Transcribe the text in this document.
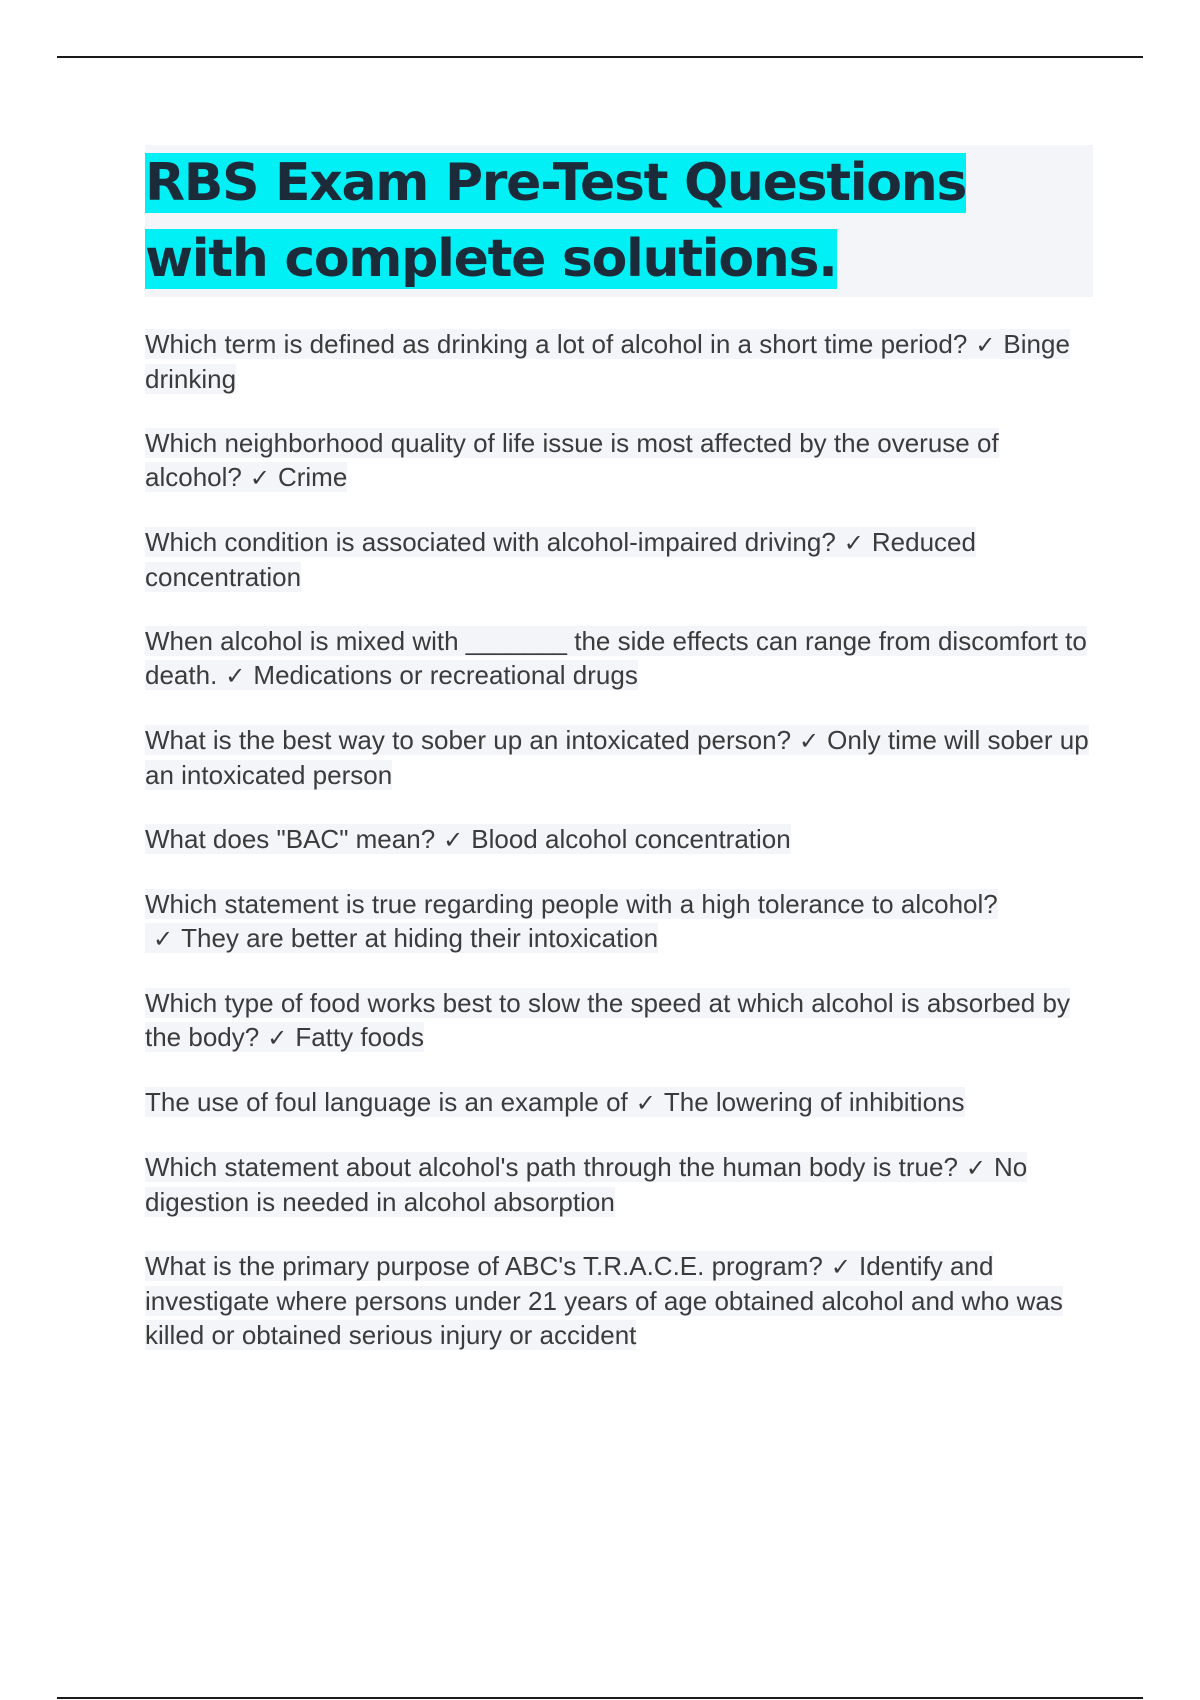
RBS Exam Pre-Test Questions with complete solutions.

Which term is defined as drinking a lot of alcohol in a short time period? ✓ Binge drinking

Which neighborhood quality of life issue is most affected by the overuse of alcohol? ✓ Crime

Which condition is associated with alcohol-impaired driving? ✓ Reduced concentration

When alcohol is mixed with _______ the side effects can range from discomfort to death. ✓ Medications or recreational drugs

What is the best way to sober up an intoxicated person? ✓ Only time will sober up an intoxicated person

What does "BAC" mean? ✓ Blood alcohol concentration

Which statement is true regarding people with a high tolerance to alcohol?✓ They are better at hiding their intoxication

Which type of food works best to slow the speed at which alcohol is absorbed by the body? ✓ Fatty foods

The use of foul language is an example of ✓ The lowering of inhibitions

Which statement about alcohol's path through the human body is true? ✓ No digestion is needed in alcohol absorption

What is the primary purpose of ABC's T.R.A.C.E. program? ✓ Identify and investigate where persons under 21 years of age obtained alcohol and who was killed or obtained serious injury or accident
